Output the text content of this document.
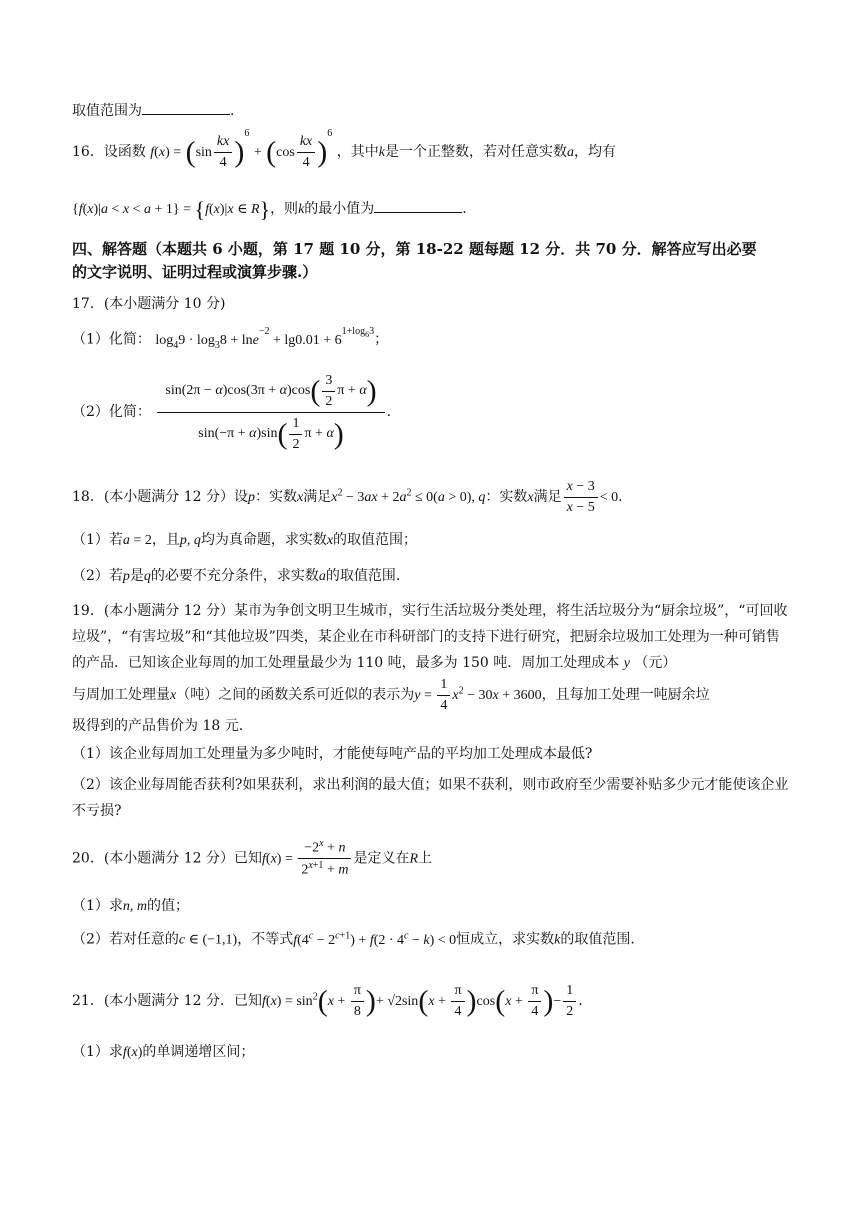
取值范围为	.
16．设函数 $f(x) = (\sin \frac{kx}{4} )^6 + (\cos \frac{kx}{4} )^6$ ，其中k是一个正整数，若对任意实数a，均有
{f(x)|a < x < a + 1} = {f(x)|x ∈ R}，则k的最小值为	.
四、解答题（本题共 6 小题，第 17 题 10 分，第 18-22 题每题 12 分．共 70 分．解答应写出必要
的文字说明、证明过程或演算步骤.）
17．(本小题满分 10 分)
（1）化简： $\log_49 \cdot \log_38 + \ln e^{-2} + \lg 0.01 + 6^{1+log_63}$；
（2）化简： $\frac{\sin(2\pi - \alpha)\cos(3\pi + \alpha)\cos( \frac{3}{2} \pi + \alpha)}{\sin(-\pi + \alpha)\sin( \frac{1}{2} \pi + \alpha)}$ .
18．(本小题满分 12 分）设p：实数x满足$x^2 - 3ax + 2a^2 \le 0(a > 0)$, q：实数x满足 $\frac{x - 3}{x - 5} < 0$.
（1）若a = 2，且p, q均为真命题，求实数x的取值范围；
（2）若p是q的必要不充分条件，求实数a的取值范围.
19．(本小题满分 12 分）某市为争创文明卫生城市，实行生活垃圾分类处理，将生活垃圾分为“厨余垃圾”，“可回收垃圾”，“有害垃圾”和“其他垃圾”四类，某企业在市科研部门的支持下进行研究，把厨余垃圾加工处理为一种可销售的产品．已知该企业每周的加工处理量最少为 110 吨，最多为 150 吨．周加工处理成本 y （元）
与周加工处理量x（吨）之间的函数关系可近似的表示为$y = \frac{1}{4} x^2 - 30x + 3600$，且每加工处理一吨厨余垃
圾得到的产品售价为 18 元.
（1）该企业每周加工处理量为多少吨时，才能使每吨产品的平均加工处理成本最低?
（2）该企业每周能否获利?如果获利，求出利润的最大值；如果不获利，则市政府至少需要补贴多少元才能使该企业不亏损?
20．(本小题满分 12 分）已知$f(x) = \frac{-2^x + n}{2^{x+1} + m}$ 是定义在R上
（1）求n, m的值；
（2）若对任意的c ∈ (−1,1)，不等式$f(4^c - 2^{c+1}) + f(2 \cdot 4^c - k) < 0$恒成立，求实数k的取值范围.
21．(本小题满分 12 分．已知$f(x) = \sin^2(x + \frac{\pi}{8}$ )+ $√2\sin(x + \frac{\pi}{4} )\cos(x + \frac{\pi}{4}$ )− $\frac{1}{2}$ .
（1）求f(x)的单调递增区间；
